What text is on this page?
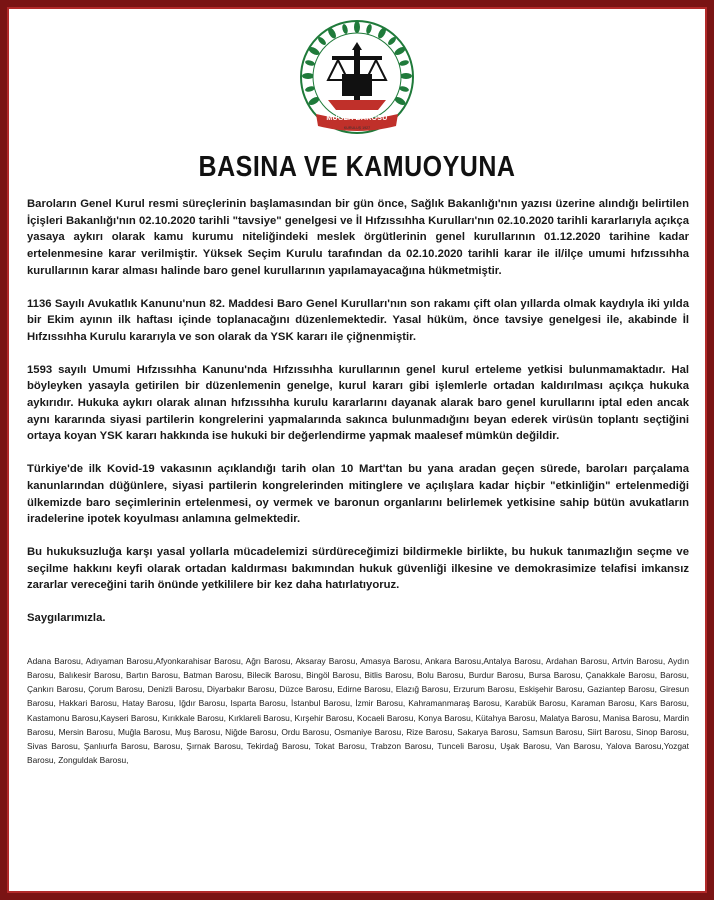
MUĞLA BAROSU
KURULUŞ 1927
BASINA VE KAMUOYUNA

Baroların Genel Kurul resmi süreçlerinin başlamasından bir gün önce, Sağlık Bakanlığı'nın yazısı üzerine alındığı belirtilen İçişleri Bakanlığı'nın 02.10.2020 tarihli "tavsiye" genelgesi ve İl Hıfzıssıhha Kurulları'nın 02.10.2020 tarihli kararlarıyla açıkça yasaya aykırı olarak kamu kurumu niteliğindeki meslek örgütlerinin genel kurullarının 01.12.2020 tarihine kadar ertelenmesine karar verilmiştir. Yüksek Seçim Kurulu tarafından da 02.10.2020 tarihli karar ile il/ilçe umumi hıfzıssıhha kurullarının karar alması halinde baro genel kurullarının yapılamayacağına hükmetmiştir.

1136 Sayılı Avukatlık Kanunu'nun 82. Maddesi Baro Genel Kurulları'nın son rakamı çift olan yıllarda olmak kaydıyla iki yılda bir Ekim ayının ilk haftası içinde toplanacağını düzenlemektedir. Yasal hüküm, önce tavsiye genelgesi ile, akabinde İl Hıfzıssıhha Kurulu kararıyla ve son olarak da YSK kararı ile çiğnenmiştir.

1593 sayılı Umumi Hıfzıssıhha Kanunu'nda Hıfzıssıhha kurullarının genel kurul erteleme yetkisi bulunmamaktadır. Hal böyleyken yasayla getirilen bir düzenlemenin genelge, kurul kararı gibi işlemlerle ortadan kaldırılması açıkça hukuka aykırıdır. Hukuka aykırı olarak alınan hıfzıssıhha kurulu kararlarını dayanak alarak baro genel kurullarını iptal eden ancak aynı kararında siyasi partilerin kongrelerini yapmalarında sakınca bulunmadığını beyan ederek virüsün toplantı seçtiğini ortaya koyan YSK kararı hakkında ise hukuki bir değerlendirme yapmak maalesef mümkün değildir.

Türkiye'de ilk Kovid-19 vakasının açıklandığı tarih olan 10 Mart'tan bu yana aradan geçen sürede, baroları parçalama kanunlarından düğünlere, siyasi partilerin kongrelerinden mitinglere ve açılışlara kadar hiçbir "etkinliğin" ertelenmediği ülkemizde baro seçimlerinin ertelenmesi, oy vermek ve baronun organlarını belirlemek yetkisine sahip bütün avukatların iradelerine ipotek koyulması anlamına gelmektedir.

Bu hukuksuzluğa karşı yasal yollarla mücadelemizi sürdüreceğimizi bildirmekle birlikte, bu hukuk tanımazlığın seçme ve seçilme hakkını keyfi olarak ortadan kaldırması bakımından hukuk güvenliği ilkesine ve demokrasimize telafisi imkansız zararlar vereceğini tarih önünde yetkililere bir kez daha hatırlatıyoruz.

Saygılarımızla.
Adana Barosu, Adıyaman Barosu,Afyonkarahisar Barosu, Ağrı Barosu, Aksaray Barosu, Amasya Barosu, Ankara Barosu,Antalya Barosu, Ardahan Barosu, Artvin Barosu, Aydın Barosu, Balıkesir Barosu, Bartın Barosu, Batman Barosu, Bilecik Barosu, Bingöl Barosu, Bitlis Barosu, Bolu Barosu, Burdur Barosu, Bursa Barosu, Çanakkale Barosu, Barosu, Çankırı Barosu, Çorum Barosu, Denizli Barosu, Diyarbakır Barosu, Düzce Barosu, Edirne Barosu, Elazığ Barosu, Erzurum Barosu, Eskişehir Barosu, Gaziantep Barosu, Giresun Barosu, Hakkari Barosu, Hatay Barosu, Iğdır Barosu, Isparta Barosu, İstanbul Barosu, İzmir Barosu, Kahramanmaraş Barosu, Karabük Barosu, Karaman Barosu, Kars Barosu, Kastamonu Barosu,Kayseri Barosu, Kırıkkale Barosu, Kırklareli Barosu, Kırşehir Barosu, Kocaeli Barosu, Konya Barosu, Kütahya Barosu, Malatya Barosu, Manisa Barosu, Mardin Barosu, Mersin Barosu, Muğla Barosu, Muş Barosu, Niğde Barosu, Ordu Barosu, Osmaniye Barosu, Rize Barosu, Sakarya Barosu, Samsun Barosu, Siirt Barosu, Sinop Barosu, Sivas Barosu, Şanlıurfa Barosu, Barosu, Şırnak Barosu, Tekirdağ Barosu, Tokat Barosu, Trabzon Barosu, Tunceli Barosu, Uşak Barosu, Van Barosu, Yalova Barosu,Yozgat Barosu, Zonguldak Barosu,
